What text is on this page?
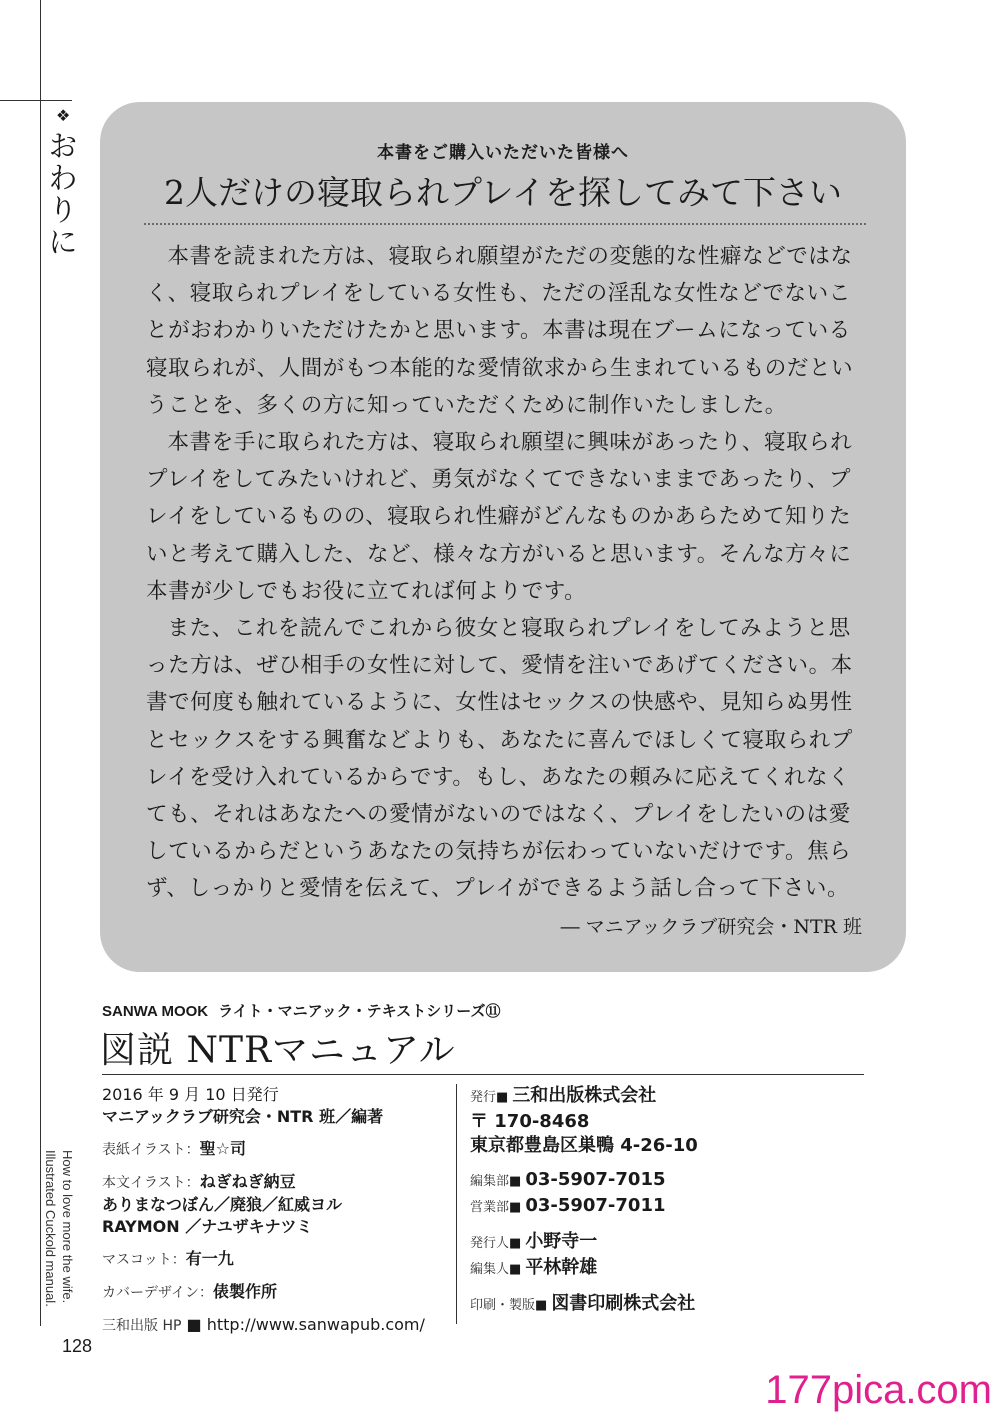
❖
おわりに
How to love more the wife.
Illustrated Cuckold manual.
128
本書をご購入いただいた皆様へ
2人だけの寝取られプレイを探してみて下さい

本書を読まれた方は、寝取られ願望がただの変態的な性癖などではなく、寝取られプレイをしている女性も、ただの淫乱な女性などでないことがおわかりいただけたかと思います。本書は現在ブームになっている寝取られが、人間がもつ本能的な愛情欲求から生まれているものだということを、多くの方に知っていただくために制作いたしました。

本書を手に取られた方は、寝取られ願望に興味があったり、寝取られプレイをしてみたいけれど、勇気がなくてできないままであったり、プレイをしているものの、寝取られ性癖がどんなものかあらためて知りたいと考えて購入した、など、様々な方がいると思います。そんな方々に本書が少しでもお役に立てれば何よりです。

また、これを読んでこれから彼女と寝取られプレイをしてみようと思った方は、ぜひ相手の女性に対して、愛情を注いであげてください。本書で何度も触れているように、女性はセックスの快感や、見知らぬ男性とセックスをする興奮などよりも、あなたに喜んでほしくて寝取られプレイを受け入れているからです。もし、あなたの頼みに応えてくれなくても、それはあなたへの愛情がないのではなく、プレイをしたいのは愛しているからだというあなたの気持ちが伝わっていないだけです。焦らず、しっかりと愛情を伝えて、プレイができるよう話し合って下さい。

― マニアックラブ研究会・NTR 班
SANWA MOOK ライト・マニアック・テキストシリーズ⑪
図説 NTRマニュアル
2016 年 9 月 10 日発行
マニアックラブ研究会・NTR 班／編著
表紙イラスト：聖☆司
本文イラスト：ねぎねぎ納豆
ありまなつぼん／廃狼／紅威ヨル
RAYMON ／ナユザキナツミ
マスコット：有一九
カバーデザイン：俵製作所
三和出版 HP ■ http://www.sanwapub.com/
発行■ 三和出版株式会社
〒 170-8468
東京都豊島区巣鴨 4-26-10
編集部■ 03-5907-7015
営業部■ 03-5907-7011
発行人■ 小野寺一
編集人■ 平林幹雄
印刷・製版■ 図書印刷株式会社
177pica.com
